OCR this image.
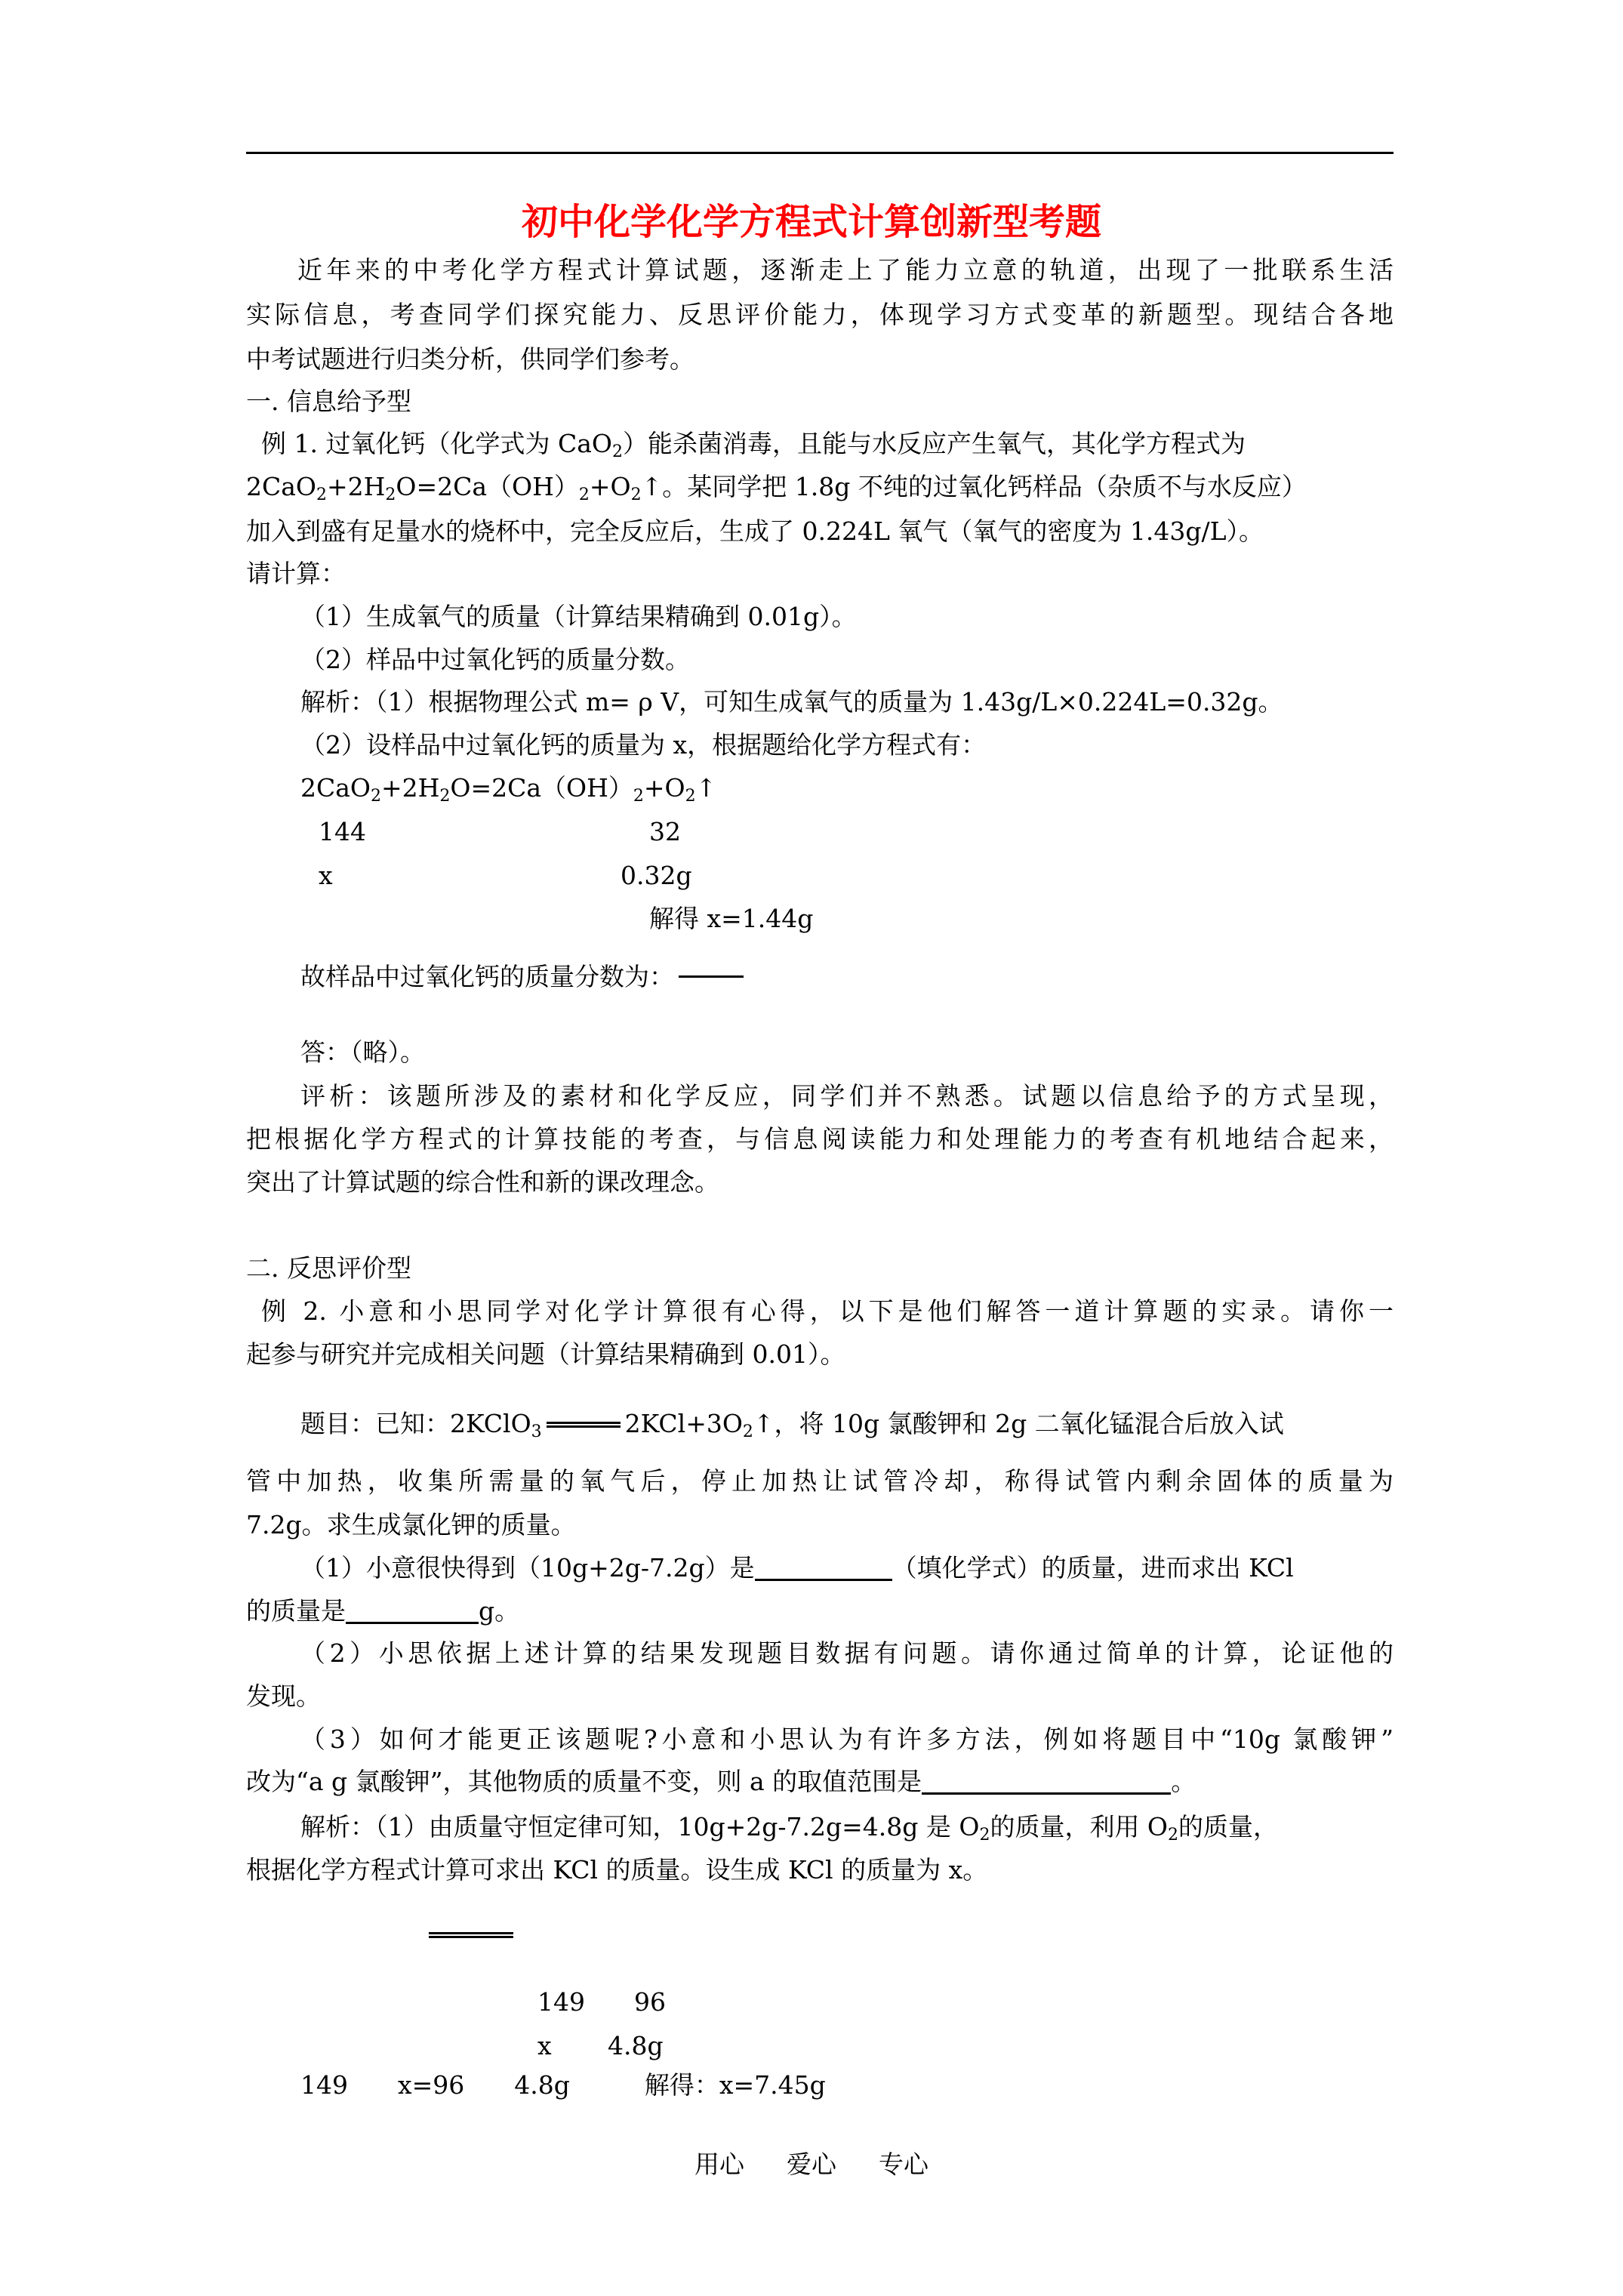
初中化学化学方程式计算创新型考题
近年来的中考化学方程式计算试题，逐渐走上了能力立意的轨道，出现了一批联系生活
实际信息，考查同学们探究能力、反思评价能力，体现学习方式变革的新题型。现结合各地
中考试题进行归类分析，供同学们参考。
一. 信息给予型
例 1. 过氧化钙（化学式为 CaO$_2$）能杀菌消毒，且能与水反应产生氧气，其化学方程式为
$2CaO_2+2H_2O=2Ca(OH)_2+O_2↑$。某同学把 1.8g 不纯的过氧化钙样品（杂质不与水反应）
加入到盛有足量水的烧杯中，完全反应后，生成了 0.224L 氧气（氧气的密度为 1.43g/L）。
请计算：
（1）生成氧气的质量（计算结果精确到 0.01g）。
（2）样品中过氧化钙的质量分数。
解析：（1）根据物理公式 m= ρ V，可知生成氧气的质量为 1.43g/L×0.224L=0.32g。
（2）设样品中过氧化钙的质量为 x，根据题给化学方程式有：
$2CaO_2+2H_2O=2Ca(OH)_2+O_2↑$
144	32
x	0.32g
解得 x=1.44g
故样品中过氧化钙的质量分数为：
答：（略）。
评析：该题所涉及的素材和化学反应，同学们并不熟悉。试题以信息给予的方式呈现，
把根据化学方程式的计算技能的考查，与信息阅读能力和处理能力的考查有机地结合起来，
突出了计算试题的综合性和新的课改理念。
二. 反思评价型
例 2. 小意和小思同学对化学计算很有心得，以下是他们解答一道计算题的实录。请你一
起参与研究并完成相关问题（计算结果精确到 0.01）。
题目：已知：2KClO$_3$	$2KCl+3O_2↑$，将 10g 氯酸钾和 2g 二氧化锰混合后放入试
管中加热，收集所需量的氧气后，停止加热让试管冷却，称得试管内剩余固体的质量为
7.2g。求生成氯化钾的质量。
（1）小意很快得到（10g+2g-7.2g）是	（填化学式）的质量，进而求出 KCl
的质量是	g。
（2）小思依据上述计算的结果发现题目数据有问题。请你通过简单的计算，论证他的
发现。
（3）如何才能更正该题呢?小意和小思认为有许多方法，例如将题目中“10g 氯酸钾”
改为“a g 氯酸钾”，其他物质的质量不变，则 a 的取值范围是	。
解析：（1）由质量守恒定律可知，10g+2g-7.2g=4.8g 是 $O_2$的质量，利用 $O_2$的质量，
根据化学方程式计算可求出 KCl 的质量。设生成 KCl 的质量为 x。
149 96
x 4.8g
149　　x=96　　4.8g　　　解得：x=7.45g
用心 爱心 专心
